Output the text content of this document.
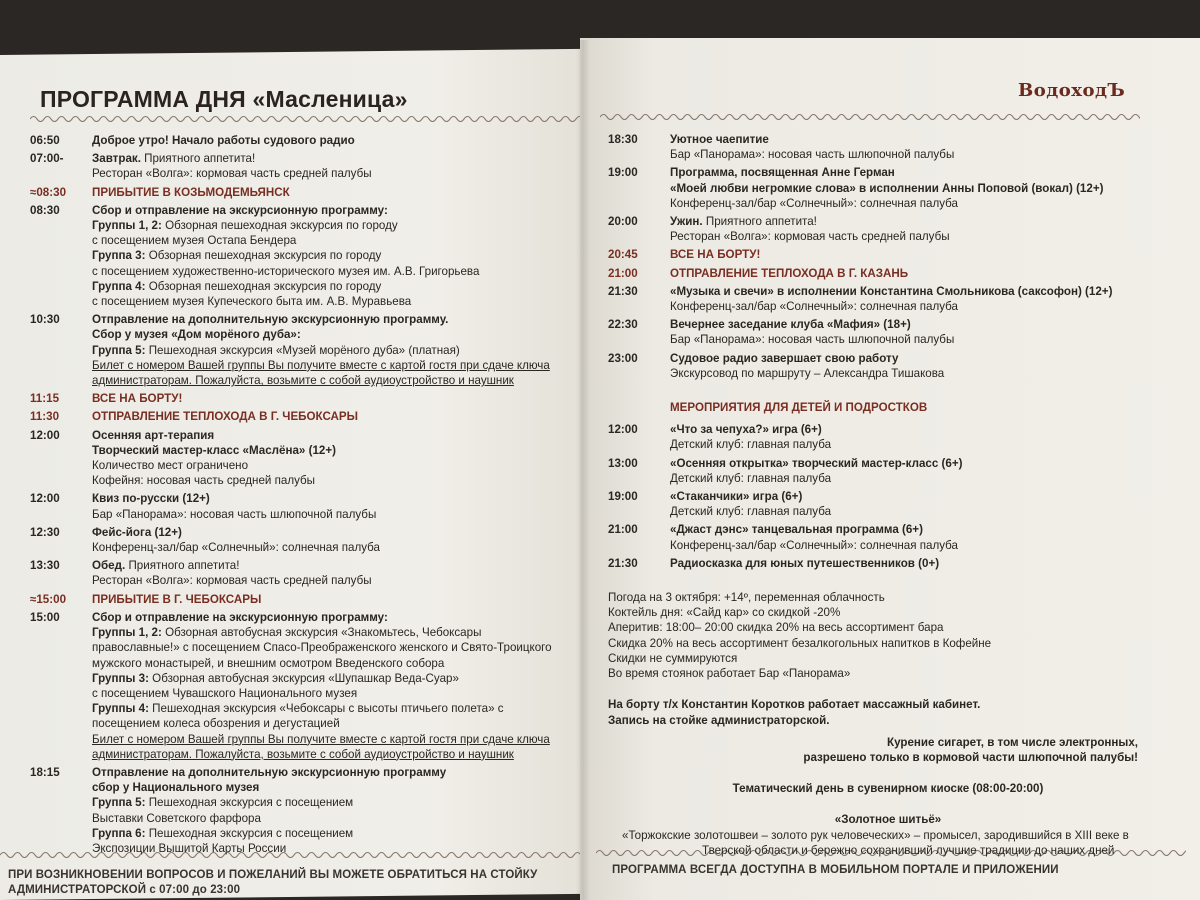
ПРОГРАММА ДНЯ «Масленица»	ВодоходЪ
06:50	Доброе утро! Начало работы судового радио
07:00-	Завтрак. Приятного аппетита!
Ресторан «Волга»: кормовая часть средней палубы
≈08:30	ПРИБЫТИЕ В КОЗЬМОДЕМЬЯНСК
08:30	Сбор и отправление на экскурсионную программу:
Группы 1, 2: Обзорная пешеходная экскурсия по городу
с посещением музея Остапа Бендера
Группа 3: Обзорная пешеходная экскурсия по городу
с посещением художественно-исторического музея им. А.В. Григорьева
Группа 4: Обзорная пешеходная экскурсия по городу
с посещением музея Купеческого быта им. А.В. Муравьева
10:30	Отправление на дополнительную экскурсионную программу.
Сбор у музея «Дом морёного дуба»:
Группа 5: Пешеходная экскурсия «Музей морёного дуба» (платная)
Билет с номером Вашей группы Вы получите вместе с картой гостя при сдаче ключа
администраторам. Пожалуйста, возьмите с собой аудиоустройство и наушник
11:15	ВСЕ НА БОРТУ!
11:30	ОТПРАВЛЕНИЕ ТЕПЛОХОДА В Г. ЧЕБОКСАРЫ
12:00	Осенняя арт-терапия
Творческий мастер-класс «Маслёна» (12+)
Количество мест ограничено
Кофейня: носовая часть средней палубы
12:00	Квиз по-русски (12+)
Бар «Панорама»: носовая часть шлюпочной палубы
12:30	Фейс-йога (12+)
Конференц-зал/бар «Солнечный»: солнечная палуба
13:30	Обед. Приятного аппетита!
Ресторан «Волга»: кормовая часть средней палубы
≈15:00	ПРИБЫТИЕ В Г. ЧЕБОКСАРЫ
15:00	Сбор и отправление на экскурсионную программу:
Группы 1, 2: Обзорная автобусная экскурсия «Знакомьтесь, Чебоксары
православные!» с посещением Спасо-Преображенского женского и Свято-Троицкого
мужского монастырей, и внешним осмотром Введенского собора
Группы 3: Обзорная автобусная экскурсия «Шупашкар Веда-Суар»
с посещением Чувашского Национального музея
Группы 4: Пешеходная экскурсия «Чебоксары с высоты птичьего полета» с
посещением колеса обозрения и дегустацией
Билет с номером Вашей группы Вы получите вместе с картой гостя при сдаче ключа
администраторам. Пожалуйста, возьмите с собой аудиоустройство и наушник
18:15	Отправление на дополнительную экскурсионную программу
сбор у Национального музея
Группа 5: Пешеходная экскурсия с посещением
Выставки Советского фарфора
Группа 6: Пешеходная экскурсия с посещением
Экспозиции Вышитой Карты России
18:30	Уютное чаепитие
Бар «Панорама»: носовая часть шлюпочной палубы
19:00	Программа, посвященная Анне Герман
«Моей любви негромкие слова» в исполнении Анны Поповой (вокал) (12+)
Конференц-зал/бар «Солнечный»: солнечная палуба
20:00	Ужин. Приятного аппетита!
Ресторан «Волга»: кормовая часть средней палубы
20:45	ВСЕ НА БОРТУ!
21:00	ОТПРАВЛЕНИЕ ТЕПЛОХОДА В Г. КАЗАНЬ
21:30	«Музыка и свечи» в исполнении Константина Смольникова (саксофон) (12+)
Конференц-зал/бар «Солнечный»: солнечная палуба
22:30	Вечернее заседание клуба «Мафия» (18+)
Бар «Панорама»: носовая часть шлюпочной палубы
23:00	Судовое радио завершает свою работу
Экскурсовод по маршруту – Александра Тишакова
МЕРОПРИЯТИЯ ДЛЯ ДЕТЕЙ И ПОДРОСТКОВ
12:00	«Что за чепуха?» игра (6+)
Детский клуб: главная палуба
13:00	«Осенняя открытка» творческий мастер-класс (6+)
Детский клуб: главная палуба
19:00	«Стаканчики» игра (6+)
Детский клуб: главная палуба
21:00	«Джаст дэнс» танцевальная программа (6+)
Конференц-зал/бар «Солнечный»: солнечная палуба
21:30	Радиосказка для юных путешественников (0+)
Погода на 3 октября: +14º, переменная облачность
Коктейль дня: «Сайд кар» со скидкой -20%
Аперитив: 18:00– 20:00 скидка 20% на весь ассортимент бара
Скидка 20% на весь ассортимент безалкогольных напитков в Кофейне
Скидки не суммируются
Во время стоянок работает Бар «Панорама»
На борту т/х Константин Коротков работает массажный кабинет.
Запись на стойке администраторской.
Курение сигарет, в том числе электронных,
разрешено только в кормовой части шлюпочной палубы!
Тематический день в сувенирном киоске (08:00-20:00)
«Золотное шитьё»
«Торжокские золотошвеи – золото рук человеческих» – промысел, зародившийся в XIII веке в
Тверской области и бережно сохранивший лучшие традиции до наших дней
ПРИ ВОЗНИКНОВЕНИИ ВОПРОСОВ И ПОЖЕЛАНИЙ ВЫ МОЖЕТЕ ОБРАТИТЬСЯ НА СТОЙКУ
АДМИНИСТРАТОРСКОЙ с 07:00 до 23:00
ПРОГРАММА ВСЕГДА ДОСТУПНА В МОБИЛЬНОМ ПОРТАЛЕ И ПРИЛОЖЕНИИ
